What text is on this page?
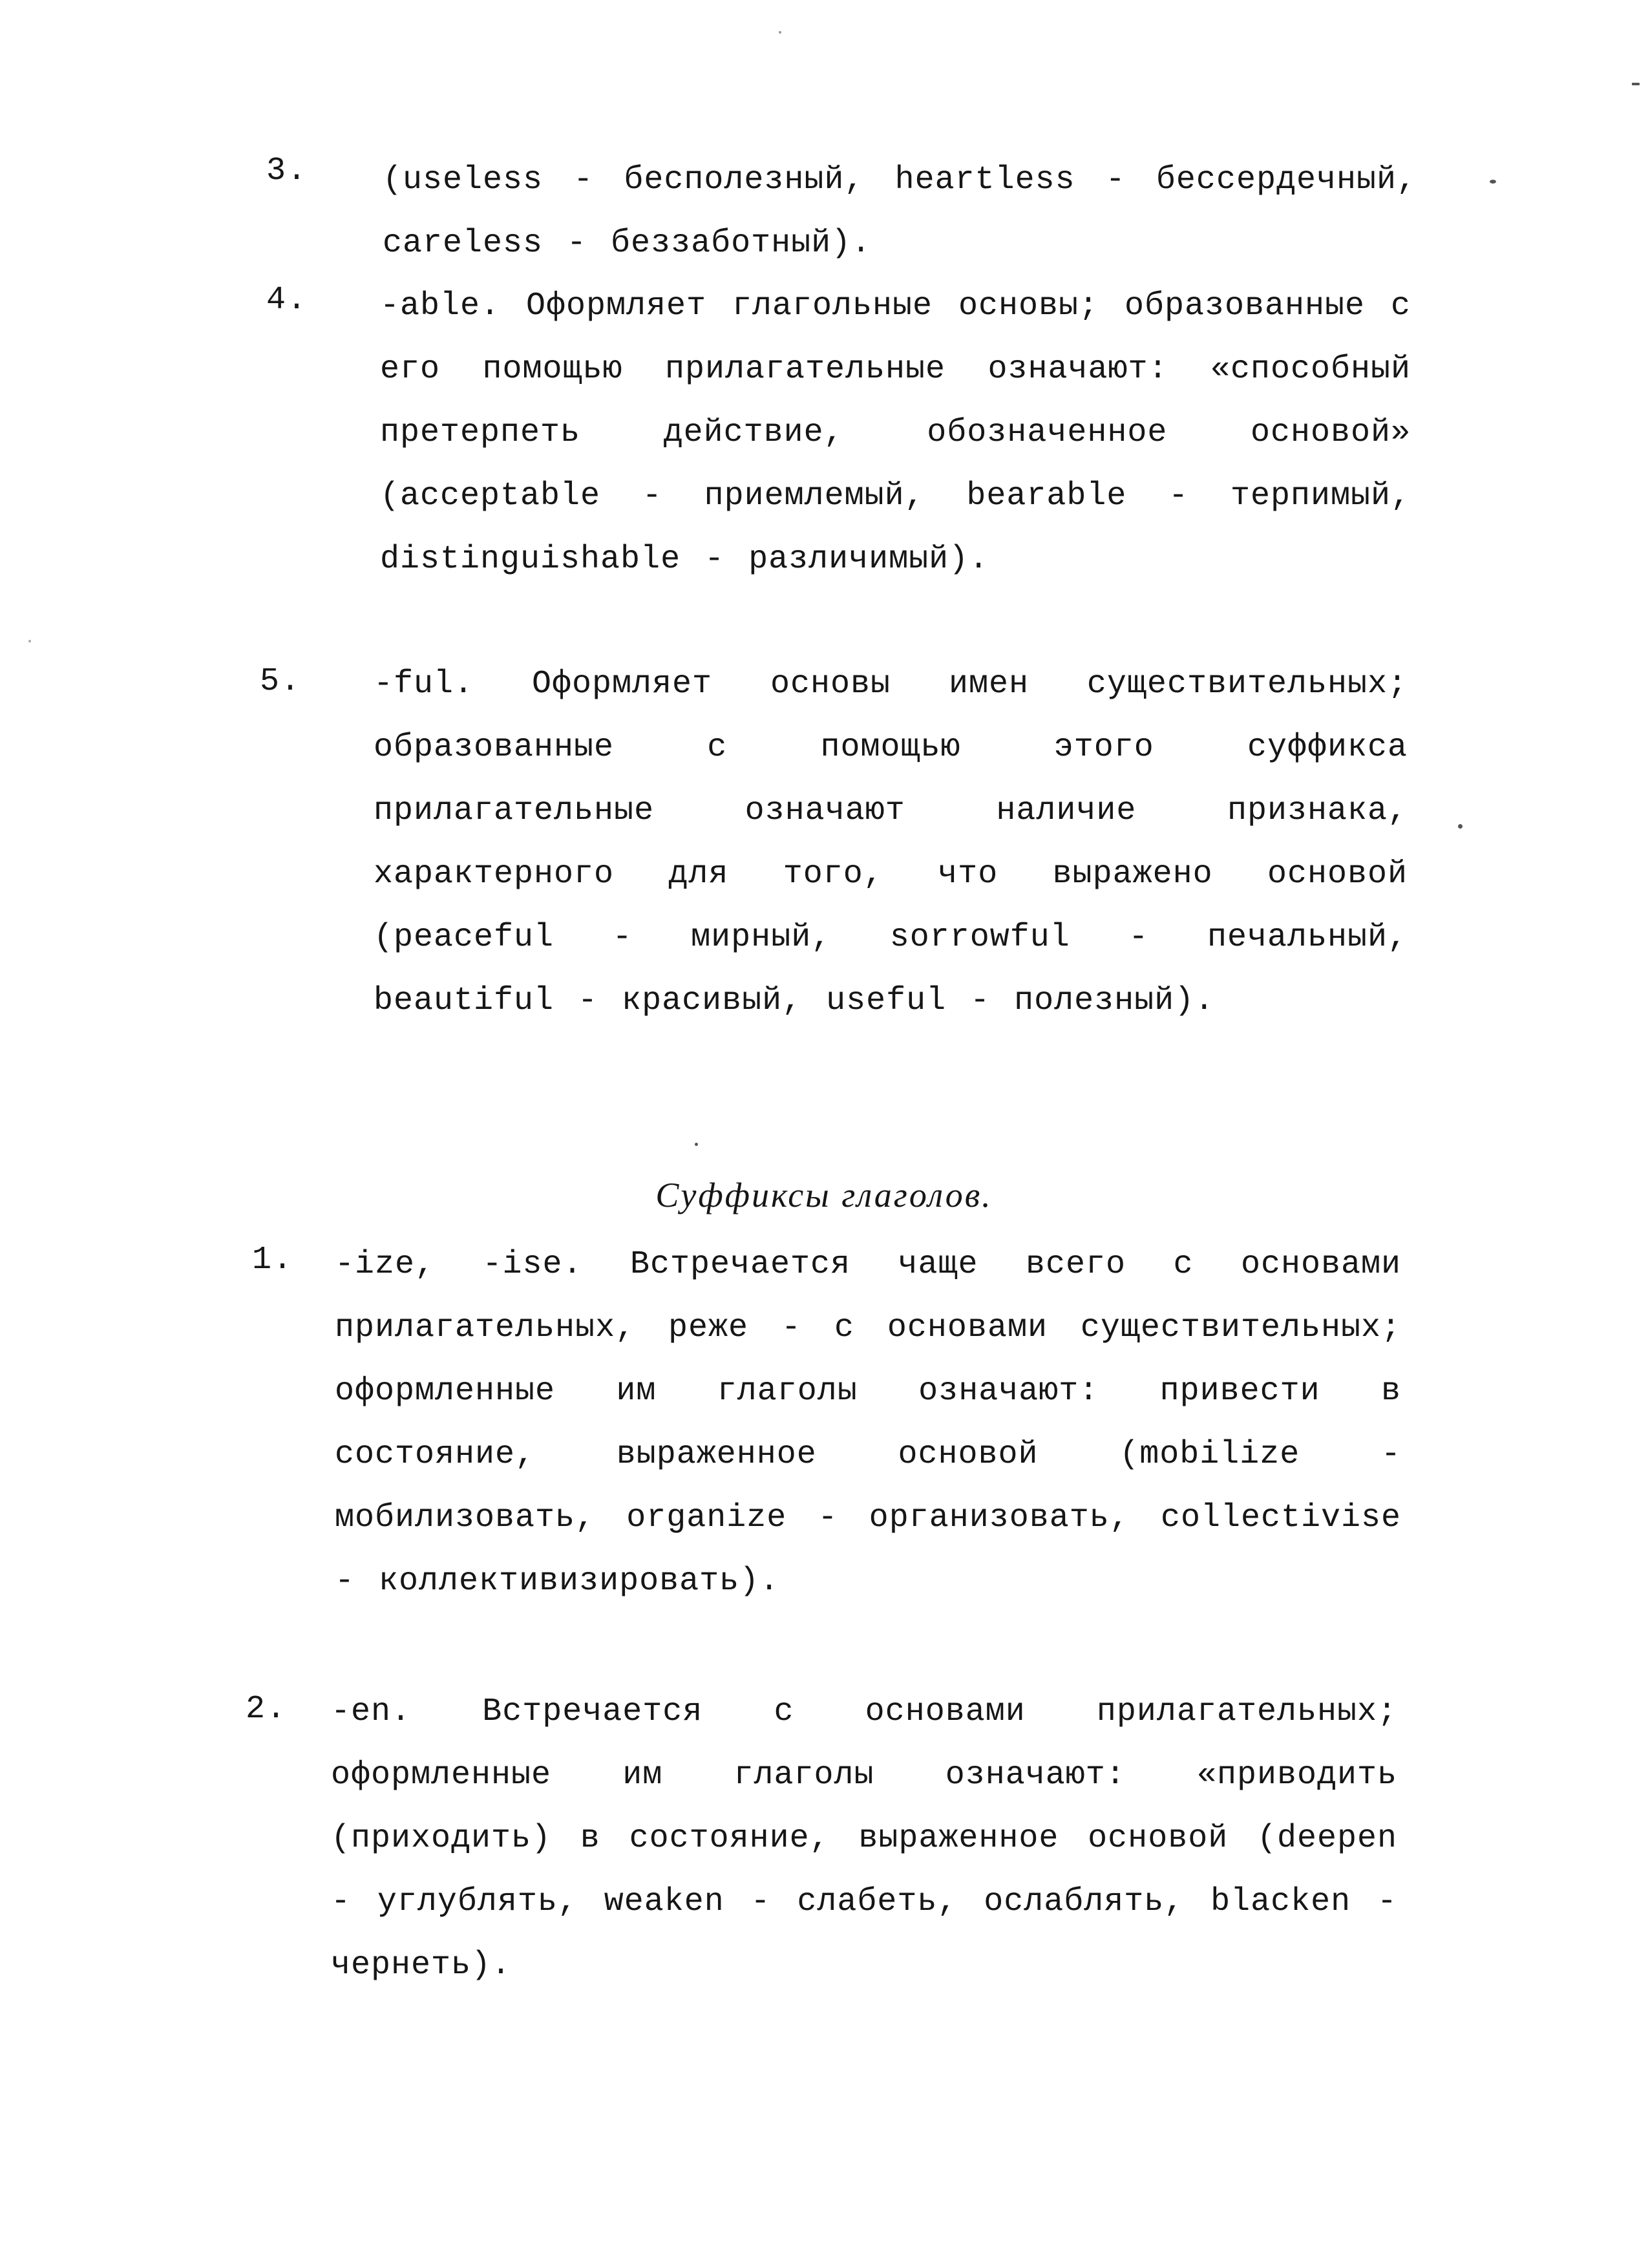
3. (useless - бесполезный, heartless - бессердечный, careless - беззаботный).
4. -able. Оформляет глагольные основы; образованные с его помощью прилагательные означают: «способный претерпеть действие, обозначенное основой» (acceptable - приемлемый, bearable - терпимый, distinguishable - различимый).
5. -ful. Оформляет основы имен существительных; образованные с помощью этого суффикса прилагательные означают наличие признака, характерного для того, что выражено основой (peaceful - мирный, sorrowful - печальный, beautiful - красивый, useful - полезный).
Суффиксы глаголов.
1. -ize, -ise. Встречается чаще всего с основами прилагательных, реже - с основами существительных; оформленные им глаголы означают: привести в состояние, выраженное основой (mobilize - мобилизовать, organize - организовать, collectivise - коллективизировать).
2. -en. Встречается с основами прилагательных; оформленные им глаголы означают: «приводить (приходить) в состояние, выраженное основой (deepen - углублять, weaken - слабеть, ослаблять, blacken - чернеть).
